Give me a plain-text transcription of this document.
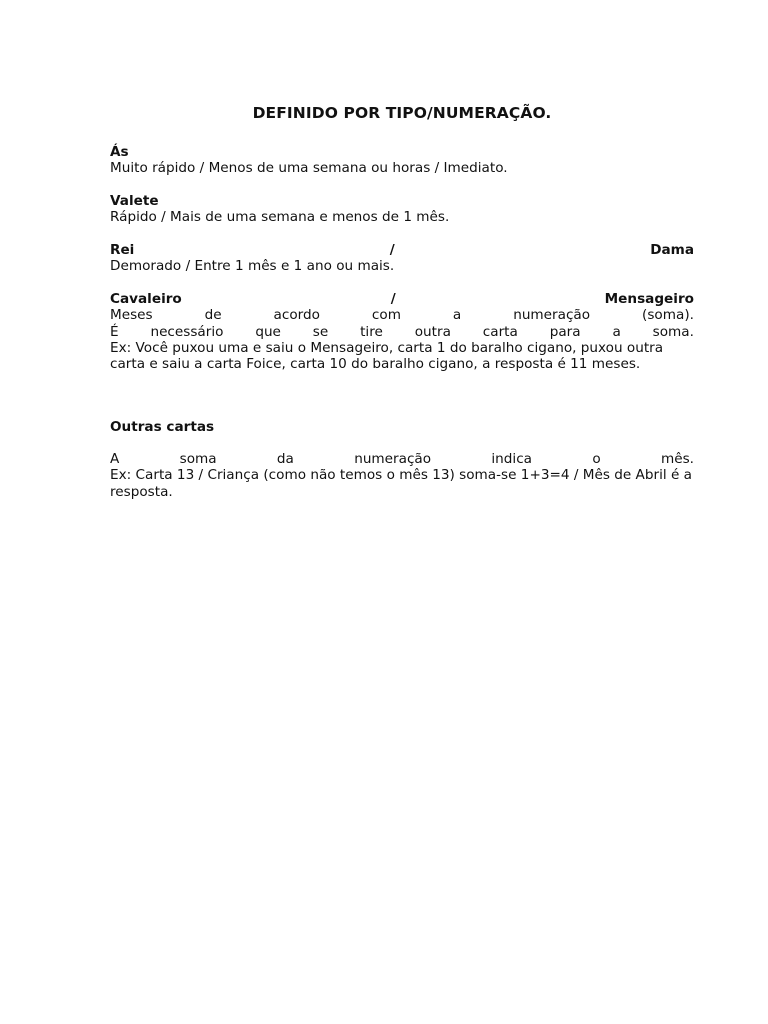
DEFINIDO POR TIPO/NUMERAÇÃO.
Ás
Muito rápido / Menos de uma semana ou horas / Imediato.
Valete
Rápido / Mais de uma semana e menos de 1 mês.
Rei	/	Dama
Demorado / Entre 1 mês e 1 ano ou mais.
Cavaleiro	/	Mensageiro
Meses	de	acordo	com	a	numeração	(soma).
É necessário que se tire outra carta para a soma.
Ex: Você puxou uma e saiu o Mensageiro, carta 1 do baralho cigano, puxou outra
carta e saiu a carta Foice, carta 10 do baralho cigano, a resposta é 11 meses.
Outras cartas
A	soma	da	numeração	indica	o	mês.
Ex: Carta 13 / Criança (como não temos o mês 13) soma-se 1+3=4 / Mês de Abril é a
resposta.
